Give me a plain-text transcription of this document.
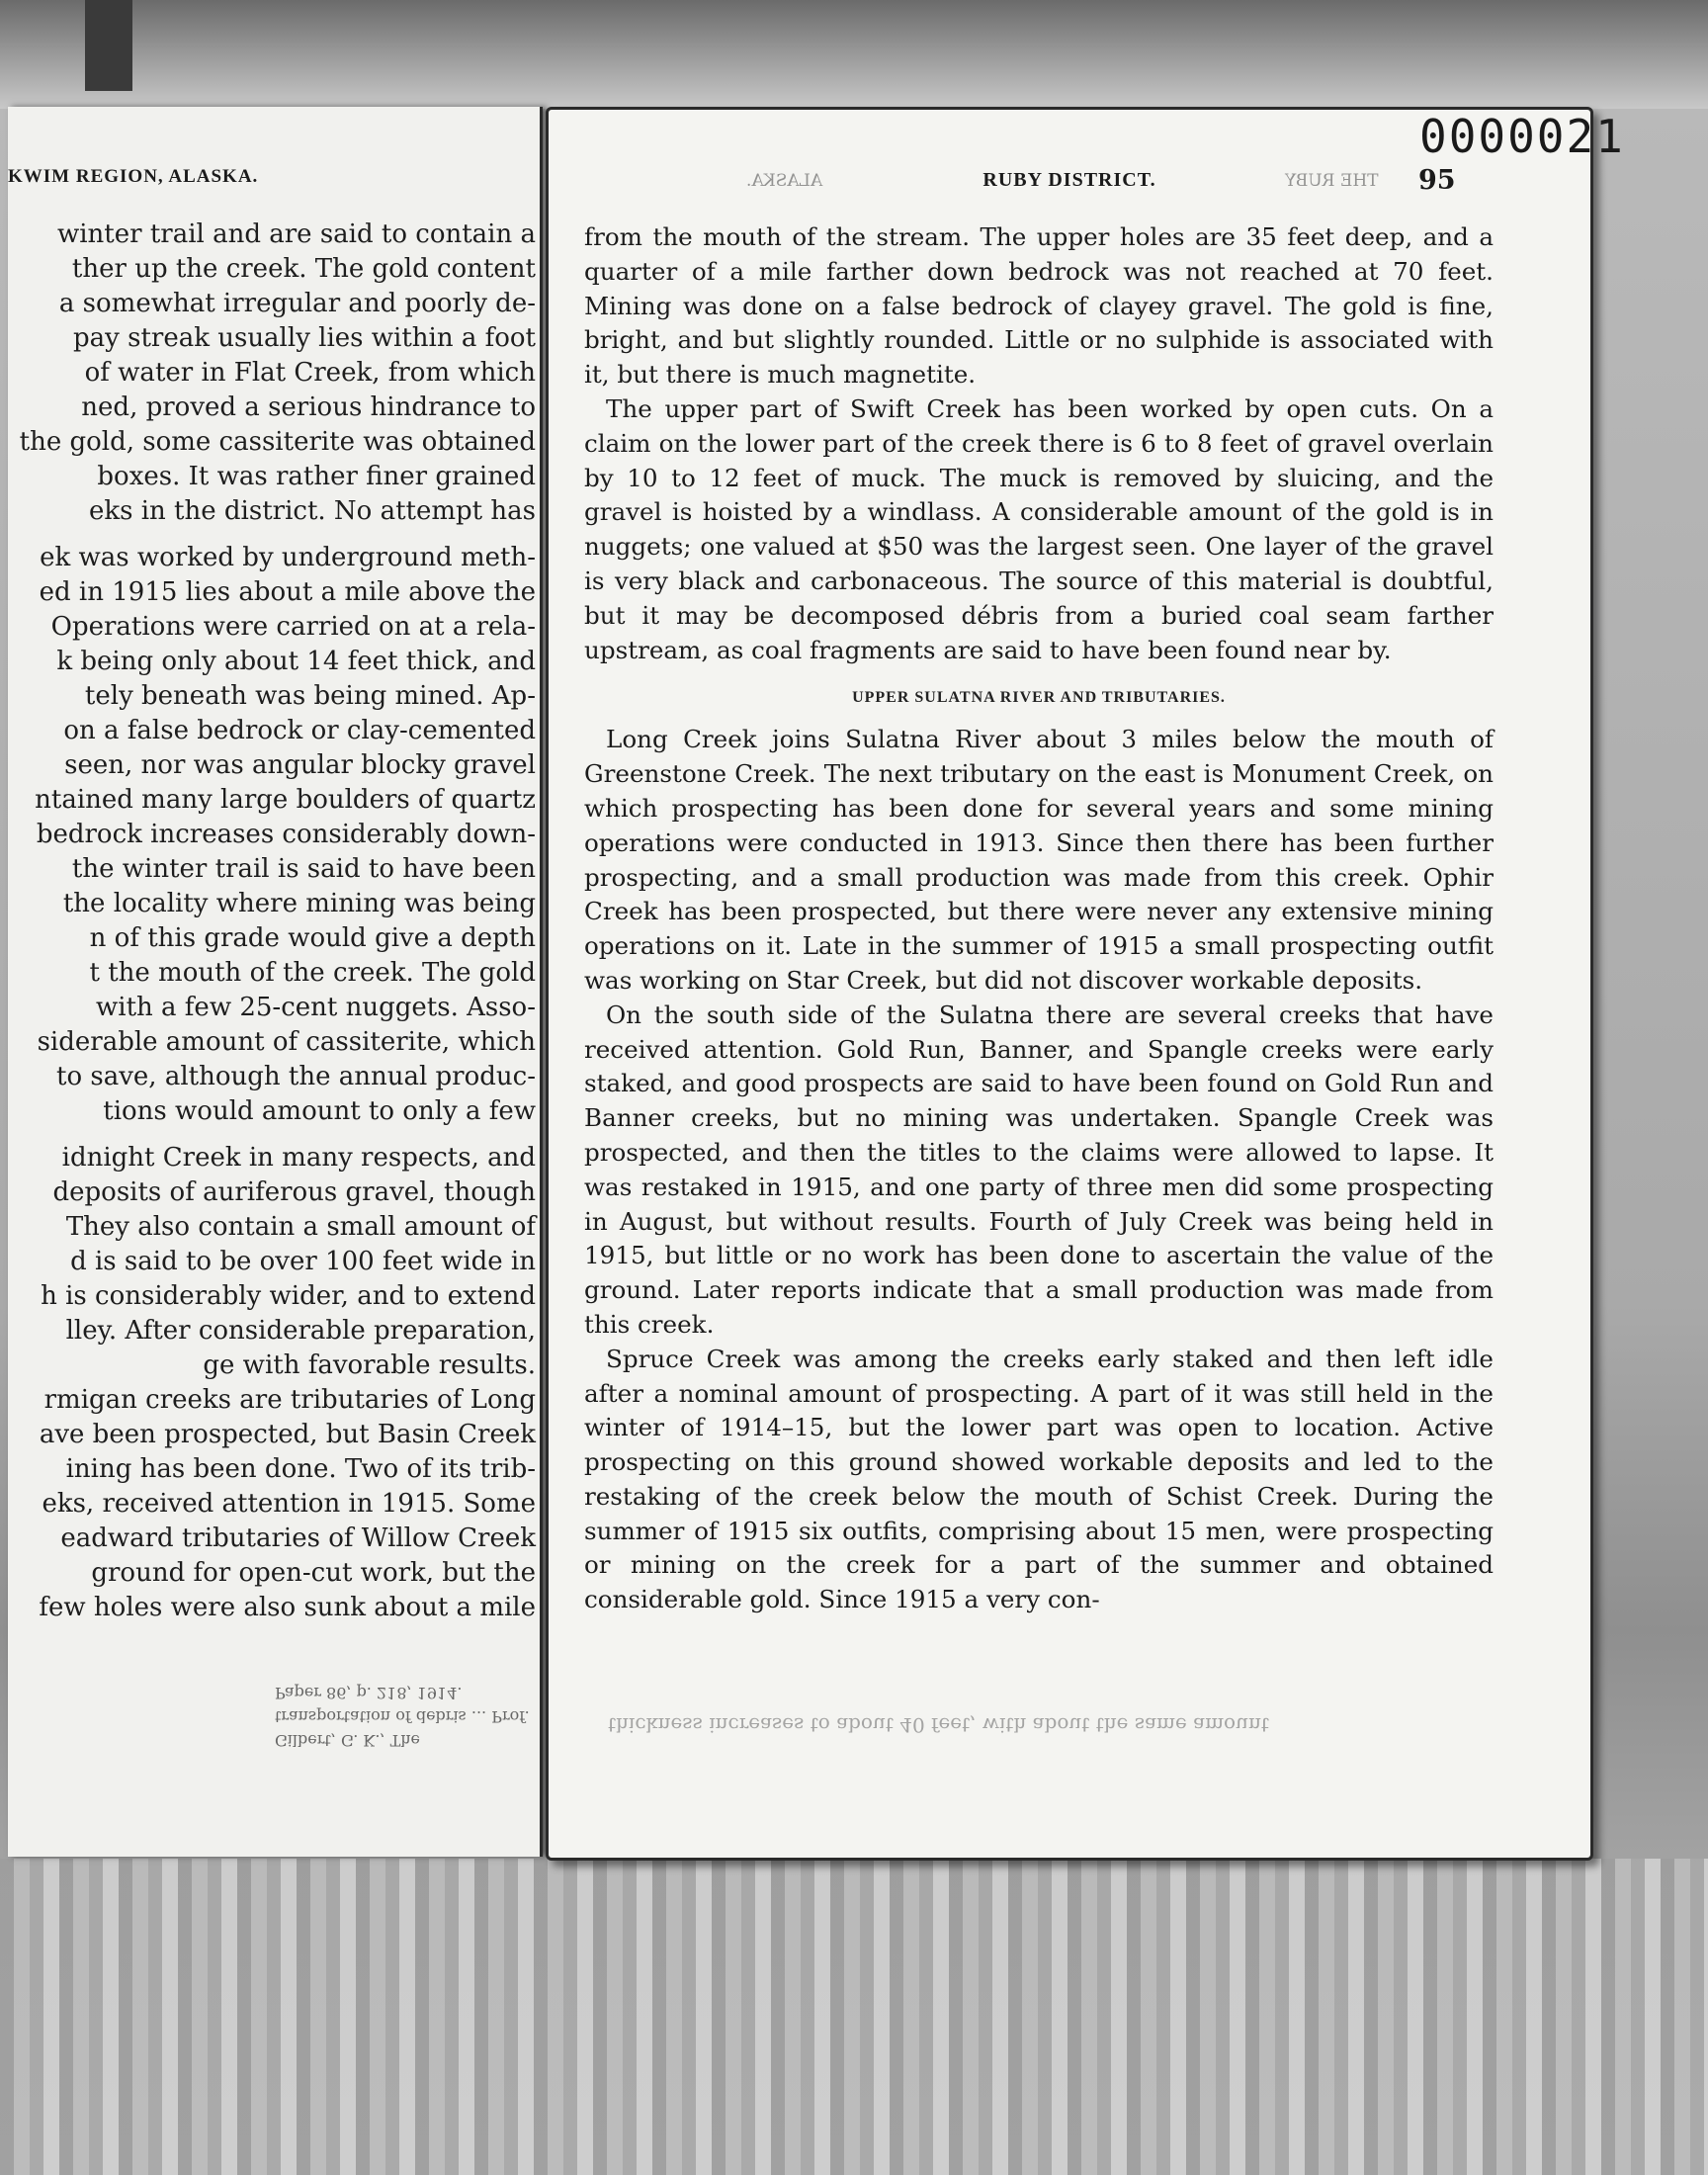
KWIM REGION, ALASKA.
winter trail and are said to contain a
ther up the creek. The gold content
a somewhat irregular and poorly de-
pay streak usually lies within a foot
of water in Flat Creek, from which
ned, proved a serious hindrance to
the gold, some cassiterite was obtained
boxes. It was rather finer grained
eks in the district. No attempt has
ek was worked by underground meth-
ed in 1915 lies about a mile above the
Operations were carried on at a rela-
k being only about 14 feet thick, and
tely beneath was being mined. Ap-
on a false bedrock or clay-cemented
seen, nor was angular blocky gravel
ntained many large boulders of quartz
bedrock increases considerably down-
the winter trail is said to have been
the locality where mining was being
n of this grade would give a depth
t the mouth of the creek. The gold
with a few 25-cent nuggets. Asso-
siderable amount of cassiterite, which
to save, although the annual produc-
tions would amount to only a few
idnight Creek in many respects, and
deposits of auriferous gravel, though
They also contain a small amount of
d is said to be over 100 feet wide in
h is considerably wider, and to extend
lley. After considerable preparation,
ge with favorable results.
rmigan creeks are tributaries of Long
ave been prospected, but Basin Creek
ining has been done. Two of its trib-
eks, received attention in 1915. Some
eadward tributaries of Willow Creek
ground for open-cut work, but the
few holes were also sunk about a mile
Gilbert, G. K., The transportation of debris ... Prof. Paper 86, p. 218, 1914.
0000021
ALASKA.	THE RUBY
RUBY DISTRICT.	95

from the mouth of the stream. The upper holes are 35 feet deep, and a quarter of a mile farther down bedrock was not reached at 70 feet. Mining was done on a false bedrock of clayey gravel. The gold is fine, bright, and but slightly rounded. Little or no sulphide is associated with it, but there is much magnetite.

The upper part of Swift Creek has been worked by open cuts. On a claim on the lower part of the creek there is 6 to 8 feet of gravel overlain by 10 to 12 feet of muck. The muck is removed by sluicing, and the gravel is hoisted by a windlass. A considerable amount of the gold is in nuggets; one valued at $50 was the largest seen. One layer of the gravel is very black and carbonaceous. The source of this material is doubtful, but it may be decomposed débris from a buried coal seam farther upstream, as coal fragments are said to have been found near by.

UPPER SULATNA RIVER AND TRIBUTARIES.

Long Creek joins Sulatna River about 3 miles below the mouth of Greenstone Creek. The next tributary on the east is Monument Creek, on which prospecting has been done for several years and some mining operations were conducted in 1913. Since then there has been further prospecting, and a small production was made from this creek. Ophir Creek has been prospected, but there were never any extensive mining operations on it. Late in the summer of 1915 a small prospecting outfit was working on Star Creek, but did not discover workable deposits.

On the south side of the Sulatna there are several creeks that have received attention. Gold Run, Banner, and Spangle creeks were early staked, and good prospects are said to have been found on Gold Run and Banner creeks, but no mining was undertaken. Spangle Creek was prospected, and then the titles to the claims were allowed to lapse. It was restaked in 1915, and one party of three men did some prospecting in August, but without results. Fourth of July Creek was being held in 1915, but little or no work has been done to ascertain the value of the ground. Later reports indicate that a small production was made from this creek.

Spruce Creek was among the creeks early staked and then left idle after a nominal amount of prospecting. A part of it was still held in the winter of 1914–15, but the lower part was open to location. Active prospecting on this ground showed workable deposits and led to the restaking of the creek below the mouth of Schist Creek. During the summer of 1915 six outfits, comprising about 15 men, were prospecting or mining on the creek for a part of the summer and obtained considerable gold. Since 1915 a very con-

thickness increases to about 40 feet, with about the same amount
